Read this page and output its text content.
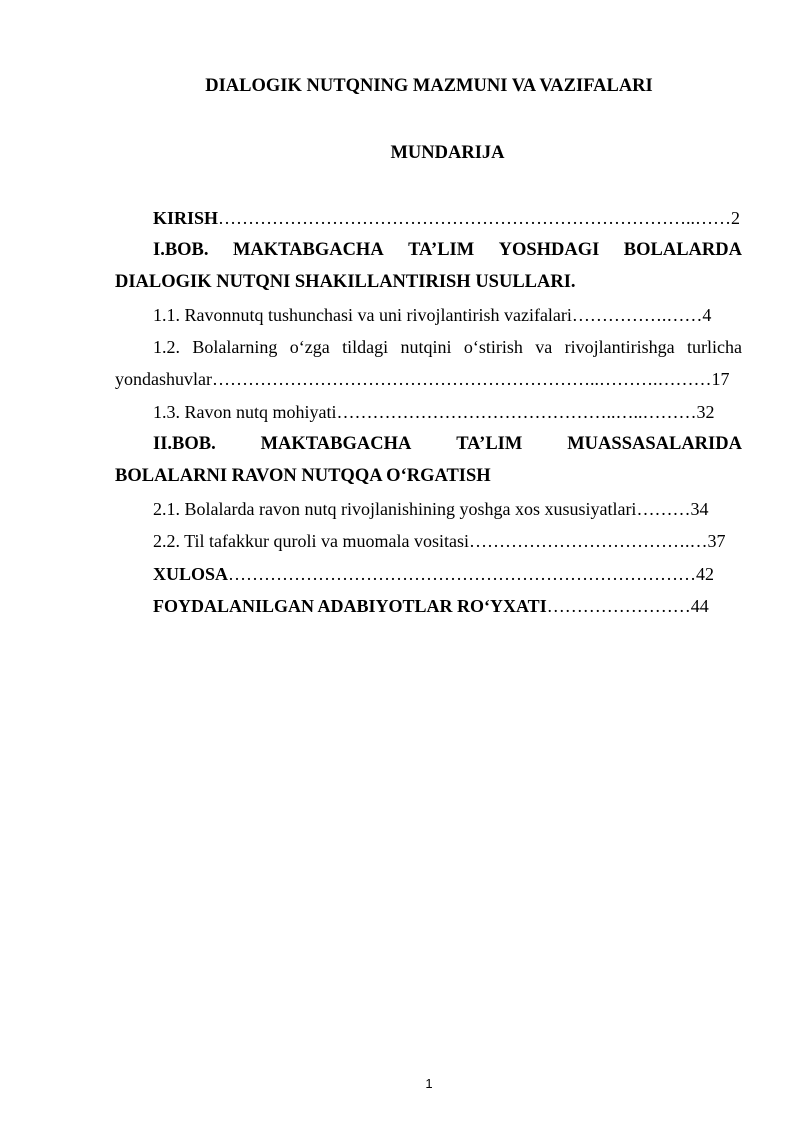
DIALOGIK NUTQNING MAZMUNI VA VAZIFALARI
MUNDARIJA
KIRISH……………………………………………………………………..……2
I.BOB. MAKTABGACHA TA’LIM YOSHDAGI BOLALARDA
DIALOGIK NUTQNI SHAKILLANTIRISH USULLARI.
1.1. Ravonnutq tushunchasi va uni rivojlantirish vazifalari…………….……4
1.2. Bolalarning o‘zga tildagi nutqini o‘stirish va rivojlantirishga turlicha
yondashuvlar………………………………………………………..……….………17
1.3. Ravon nutq mohiyati………………………………………..…..………32
II.BOB. MAKTABGACHA TA’LIM MUASSASALARIDA
BOLALARNI RAVON NUTQQA O‘RGATISH
2.1. Bolalarda ravon nutq rivojlanishining yoshga xos xususiyatlari………34
2.2. Til tafakkur quroli va muomala vositasi……………………………….…37
XULOSA……………………………………………………………………42
FOYDALANILGAN ADABIYOTLAR RO‘YXATI……………………44
1
